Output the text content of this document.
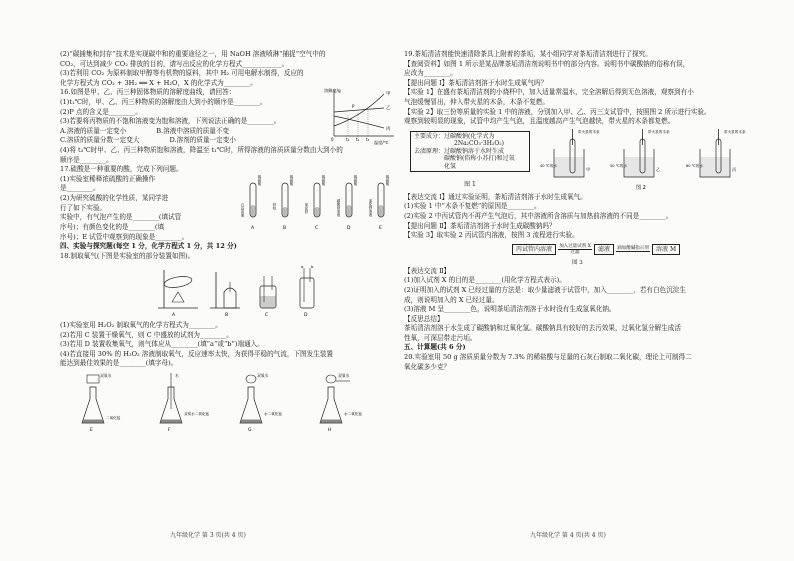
(2)“碳捕集和封存”技术是实现碳中和的重要途径之一，用 NaOH 溶液喷淋“捕捉”空气中的
CO₂，可达到减少 CO₂ 排放的目的，请写出反应的化学方程式____________。
(3)若利用 CO₂ 为原料制取甲醇等有机物的原料，其中 H₂ 可用电解水制得，反应的
化学方程式为 CO₂ + 3H₂ ══ X + H₂O，X 的化学式为________。
16.如图是甲、乙、丙三种固体物质的溶解度曲线，请回答：
(1)t₁℃时，甲、乙、丙三种物质的溶解度由大到小的顺序是________。
(2)P 点的含义是________。
(3)若要将丙物质的不饱和溶液变为饱和溶液，下列说法正确的是________。
A.溶液的质量一定变小	B.溶液中溶质的质量不变
C.溶质的质量分数一定变大	D.溶剂的质量一定变小
溶解度/g
温度/℃
甲
乙
丙
P
0	t₁ t₂ t₃
(4)将 t₃℃时甲、乙、丙三种物质饱和溶液，降温至 t₁℃时，所得溶液的溶质质量分数由大到小的
顺序是________。
17.硫酸是一种重要的酸，完成下列问题。
(1)实验室稀释浓硫酸的正确操作
是________。
(2)为研究硫酸的化学性质，某同学进
行了如下实验。
实验中，有气泡产生的是________(填试管
序号)；有颜色变化的是________(填
稀硫酸
石蕊溶液
A
稀硫酸
锌粒
B
稀硫酸
氧化铁
C
稀硫酸
碳酸钠溶液
D
稀硫酸
氯化钡溶液
E
序号)；E 试管中观察到的现象是________。
四、实验与探究题(每空 1 分，化学方程式 1 分，共 12 分)
18.制取氧气(下图是实验室的部分装置如图)。
A	B	C
a b
D
(1)实验室用 H₂O₂ 制取氧气的化学方程式为________。
(2)若用 C 装置干燥氧气，则 C 中盛放的试剂为________。
(3)若用 D 装置收集氧气，则气体应从________(填“a”或“b”)端通入。
(4)若直接用 30% 的 H₂O₂ 溶液制取氧气，反应速率太快，为获得平稳的气流，下图发生装置
能达到最佳效果的是________(填字母)。
双氧水
二氧化锰
E
水
双氧水二氧化锰
F
双氧水
水二氧化锰
G
双氧水
水二氧化锰
H
19.茶垢清洁剂能快速清除茶具上附着的茶垢，某小组同学对茶垢清洁剂进行了探究。
【查阅资料】如图 1 所示是某品牌茶垢清洁剂说明书中的部分内容。说明书中碳酸钠的俗称有误，
应改为________。
【提出问题 Ⅰ】茶垢清洁剂溶于水时生成氧气吗？
【实验 1】在盛有茶垢清洁剂的小烧杯中，加入适量常温水，完全溶解后得到无色溶液，观察到有小
气泡缓慢冒出，伸入带火星的木条，木条不复燃。
【实验 2】取三份等质量的实验 1 中的溶液，分别加入甲、乙、丙三支试管中，按照图 2 所示进行实验。
观察到较明显的现象，试管中均产生气泡，且温度越高产生气泡越快，带火星的木条都复燃。
主要成分：过碳酸钠(化学式为
2Na₂CO₃·3H₂O₂)
去渍原理：过碳酸钠溶于水时生成
碳酸钠(俗称小苏打)和过氧
化氢
图 1
带火星的木条
40 ℃的水
甲
带火星的木条
50 ℃的水
乙
带火星的木条
60 ℃的水
丙
图 2
【表达交流 Ⅰ】通过实验证明，茶垢清洁剂溶于水时生成氧气。
(1)实验 1 中“木条不复燃”的原因是________。
(2)实验 2 中丙试管内不再产生气泡后，其中溶液所含溶质与加热前溶液的不同是________。
【提出问题 Ⅱ】茶垢清洁剂溶于水时生成碳酸钠吗？
【实验 3】取实验 2 丙试管内溶液，按图 3 流程进行实验。
丙试管内溶液	加入过量试剂 X
过滤	滤液	滴加酸碱指示剂	溶液 M
图 3
【表达交流 Ⅱ】
(1)加入试剂 X 的目的是________(用化学方程式表示)。
(2)证明加入的试剂 X 已经过量的方法是：取少量滤液于试管中，加入________，若有白色沉淀生
成，则说明加入的 X 已经过量。
(3)溶液 M 呈________色，说明茶垢清洁剂溶于水时没有生成氢氧化钠。
【反思总结】
茶垢清洁剂溶于水生成了碳酸钠和过氧化氢。碳酸钠具有较好的去污效果，过氧化氢分解生成活
性氧，可深层带走污垢。
五、计算题(共 6 分)
20.实验室用 50 g 溶质质量分数为 7.3% 的稀盐酸与足量的石灰石制取二氧化碳，理论上可制得二
氧化碳多少克？
九年级化学 第 3 页(共 4 页)	九年级化学 第 4 页(共 4 页)
